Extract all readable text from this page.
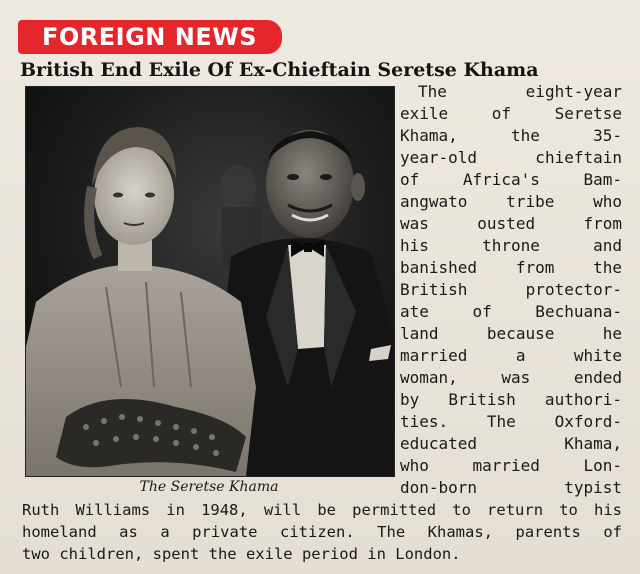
FOREIGN NEWS
British End Exile Of Ex-Chieftain Seretse Khama
The Seretse Khama
The eight-year
exile of Seretse
Khama, the 35-
year-old chieftain
of Africa's Bam-
angwato tribe who
was ousted from
his throne and
banished from the
British protector-
ate of Bechuana-
land because he
married a white
woman, was ended
by British authori-
ties. The Oxford-
educated Khama,
who married Lon-
don-born typist
Ruth Williams in 1948, will be permitted to return to his
homeland as a private citizen. The Khamas, parents of
two children, spent the exile period in London.
